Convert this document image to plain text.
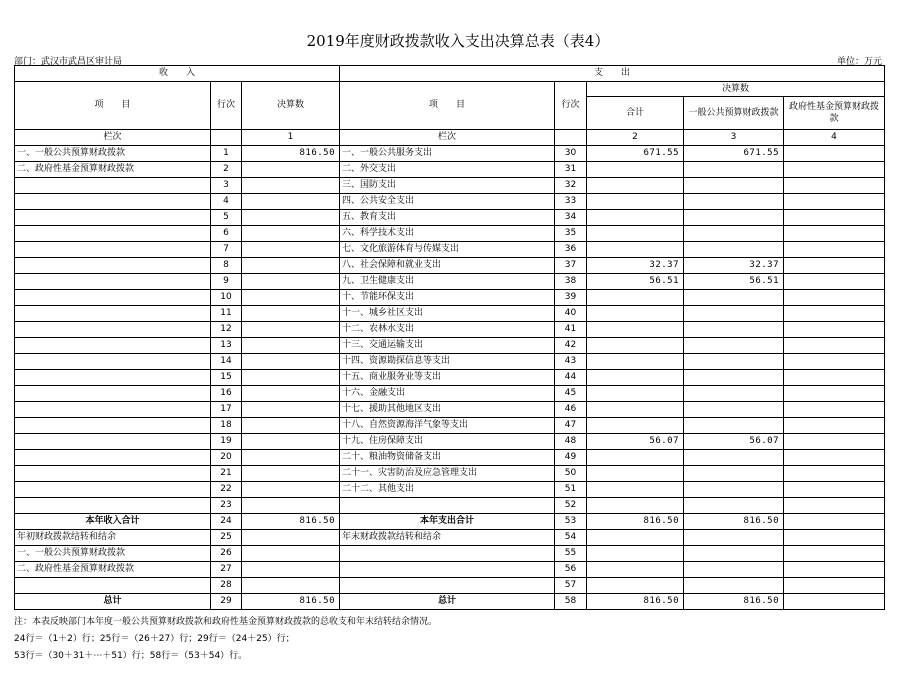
2019年度财政拨款收入支出决算总表（表4）
部门：武汉市武昌区审计局	单位：万元
收　　入			支　　出				
项　　目	行次	决算数	项　　目	行次	决算数		
					合计	一般公共预算财政拨款	政府性基金预算财政拨款
栏次		1	栏次		2	3	4
一、一般公共预算财政拨款	1	816.50	一、一般公共服务支出	30	671.55	671.55	
二、政府性基金预算财政拨款	2		二、外交支出	31			
	3		三、国防支出	32			
	4		四、公共安全支出	33			
	5		五、教育支出	34			
	6		六、科学技术支出	35			
	7		七、文化旅游体育与传媒支出	36			
	8		八、社会保障和就业支出	37	32.37	32.37	
	9		九、卫生健康支出	38	56.51	56.51	
	10		十、节能环保支出	39			
	11		十一、城乡社区支出	40			
	12		十二、农林水支出	41			
	13		十三、交通运输支出	42			
	14		十四、资源勘探信息等支出	43			
	15		十五、商业服务业等支出	44			
	16		十六、金融支出	45			
	17		十七、援助其他地区支出	46			
	18		十八、自然资源海洋气象等支出	47			
	19		十九、住房保障支出	48	56.07	56.07	
	20		二十、粮油物资储备支出	49			
	21		二十一、灾害防治及应急管理支出	50			
	22		二十二、其他支出	51			
	23			52			
本年收入合计	24	816.50	本年支出合计	53	816.50	816.50	
年初财政拨款结转和结余	25		年末财政拨款结转和结余	54			
一、一般公共预算财政拨款	26			55			
二、政府性基金预算财政拨款	27			56			
	28			57			
总计	29	816.50	总计	58	816.50	816.50	
注：本表反映部门本年度一般公共预算财政拨款和政府性基金预算财政拨款的总收支和年末结转结余情况。
24行＝（1＋2）行；25行＝（26＋27）行；29行＝（24＋25）行；
53行＝（30＋31＋⋯＋51）行；58行＝（53＋54）行。
